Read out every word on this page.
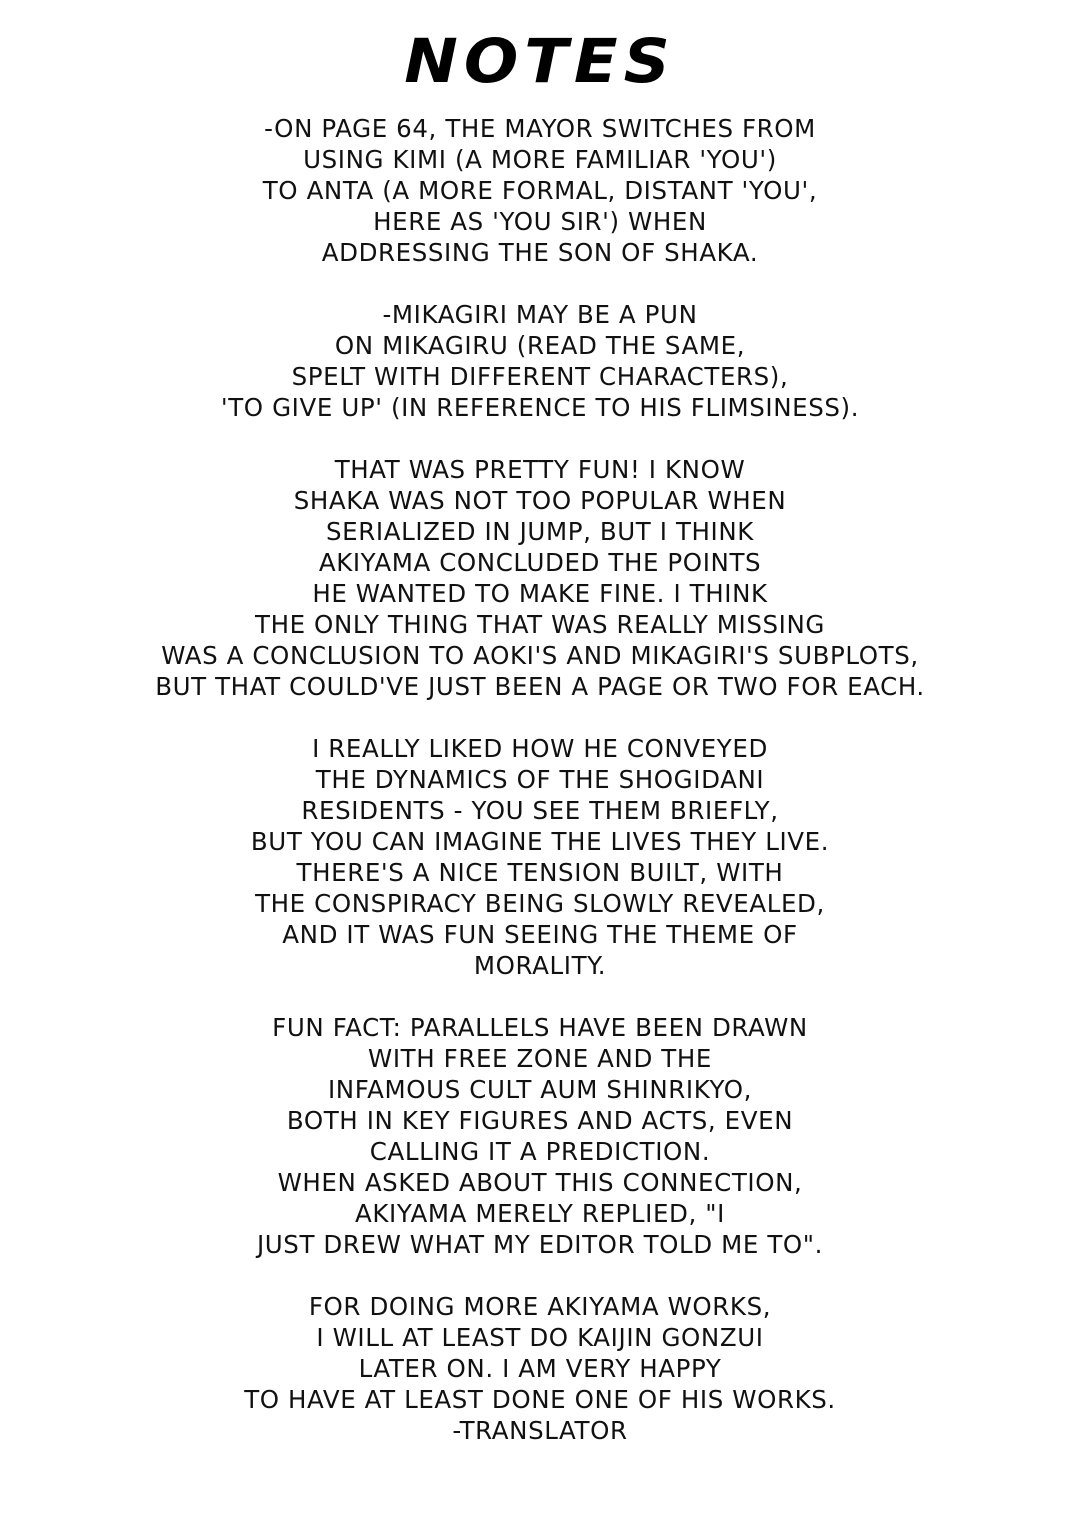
NOTES
-ON PAGE 64, THE MAYOR SWITCHES FROM
USING KIMI (A MORE FAMILIAR 'YOU')
TO ANTA (A MORE FORMAL, DISTANT 'YOU',
HERE AS 'YOU SIR') WHEN
ADDRESSING THE SON OF SHAKA.
-MIKAGIRI MAY BE A PUN
ON MIKAGIRU (READ THE SAME,
SPELT WITH DIFFERENT CHARACTERS),
'TO GIVE UP' (IN REFERENCE TO HIS FLIMSINESS).
THAT WAS PRETTY FUN! I KNOW
SHAKA WAS NOT TOO POPULAR WHEN
SERIALIZED IN JUMP, BUT I THINK
AKIYAMA CONCLUDED THE POINTS
HE WANTED TO MAKE FINE. I THINK
THE ONLY THING THAT WAS REALLY MISSING
WAS A CONCLUSION TO AOKI'S AND MIKAGIRI'S SUBPLOTS,
BUT THAT COULD'VE JUST BEEN A PAGE OR TWO FOR EACH.
I REALLY LIKED HOW HE CONVEYED
THE DYNAMICS OF THE SHOGIDANI
RESIDENTS - YOU SEE THEM BRIEFLY,
BUT YOU CAN IMAGINE THE LIVES THEY LIVE.
THERE'S A NICE TENSION BUILT, WITH
THE CONSPIRACY BEING SLOWLY REVEALED,
AND IT WAS FUN SEEING THE THEME OF
MORALITY.
FUN FACT: PARALLELS HAVE BEEN DRAWN
WITH FREE ZONE AND THE
INFAMOUS CULT AUM SHINRIKYO,
BOTH IN KEY FIGURES AND ACTS, EVEN
CALLING IT A PREDICTION.
WHEN ASKED ABOUT THIS CONNECTION,
AKIYAMA MERELY REPLIED, "I
JUST DREW WHAT MY EDITOR TOLD ME TO".
FOR DOING MORE AKIYAMA WORKS,
I WILL AT LEAST DO KAIJIN GONZUI
LATER ON. I AM VERY HAPPY
TO HAVE AT LEAST DONE ONE OF HIS WORKS.
-TRANSLATOR
